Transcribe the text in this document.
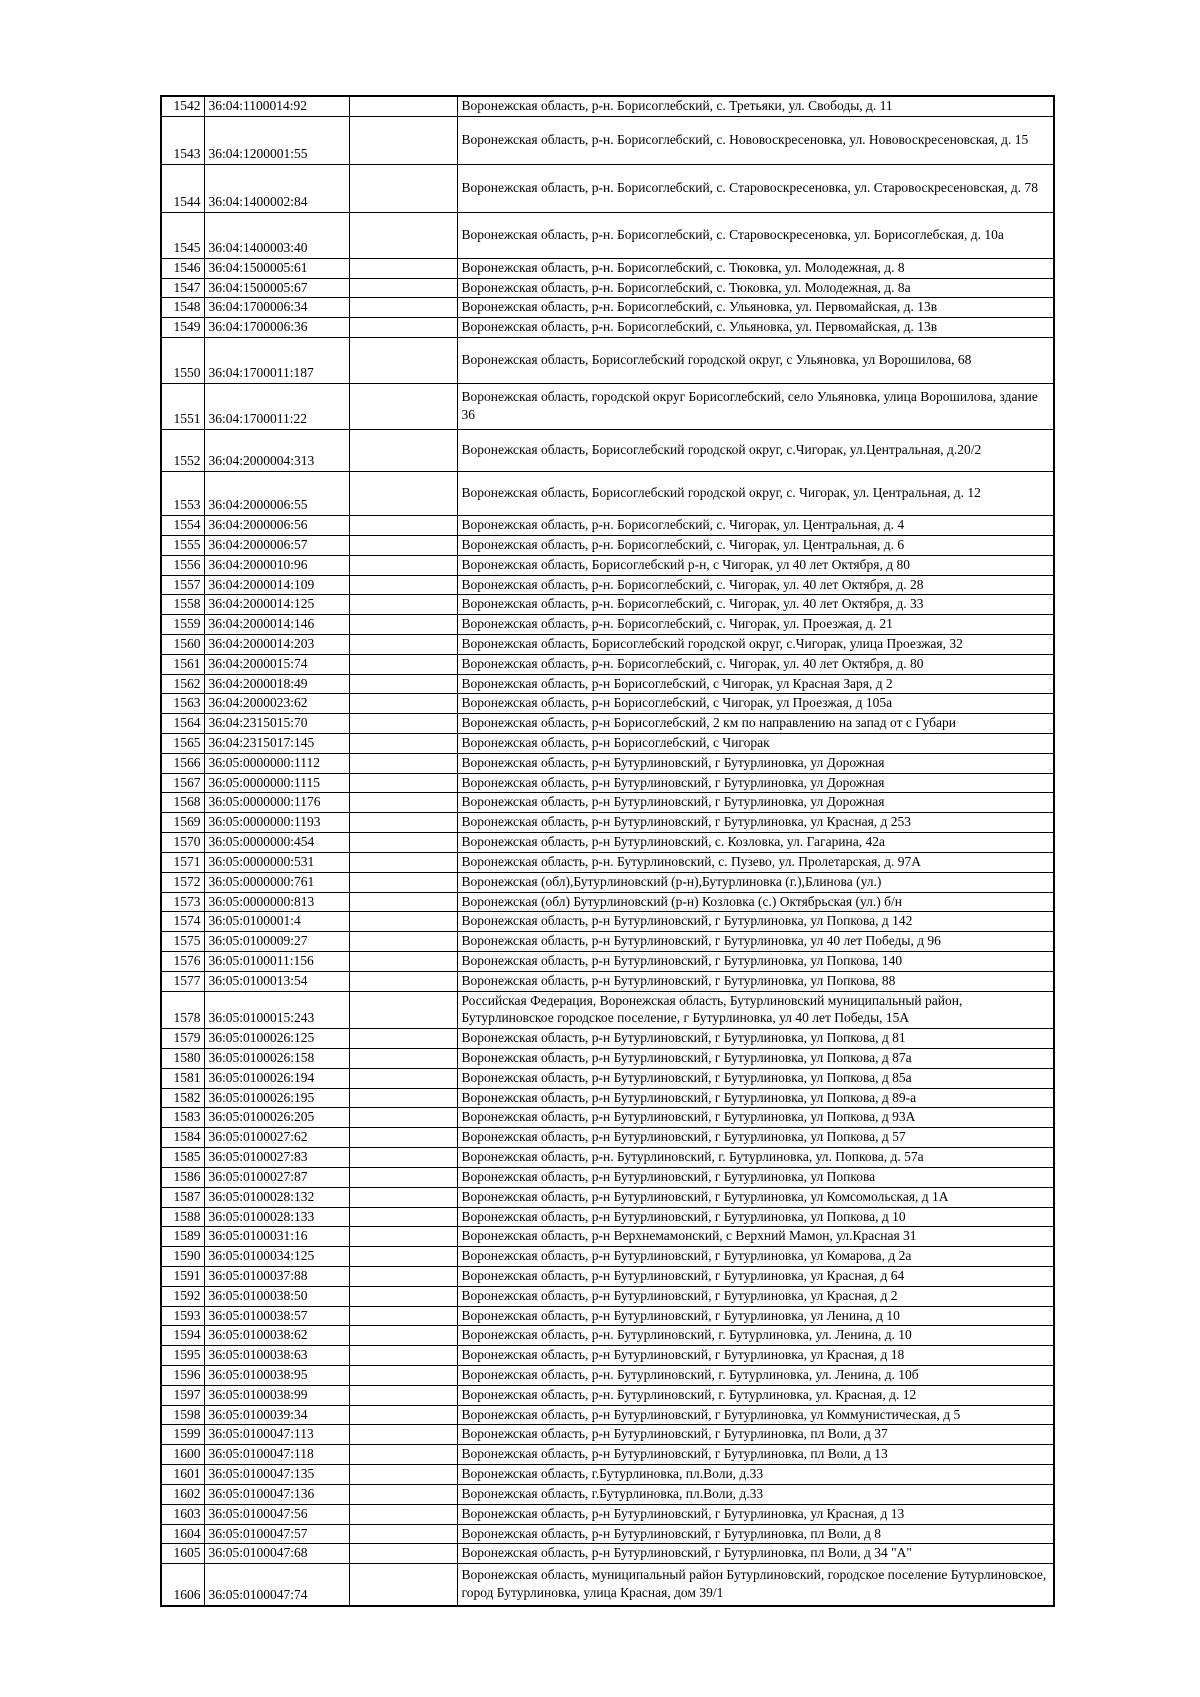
1542	36:04:1100014:92		Воронежская область, р-н. Борисоглебский, с. Третьяки, ул. Свободы, д. 11
1543	36:04:1200001:55		Воронежская область, р-н. Борисоглебский, с. Нововоскресеновка, ул. Нововоскресеновская, д. 15
1544	36:04:1400002:84		Воронежская область, р-н. Борисоглебский, с. Старовоскресеновка, ул. Старовоскресеновская, д. 78
1545	36:04:1400003:40		Воронежская область, р-н. Борисоглебский, с. Старовоскресеновка, ул. Борисоглебская, д. 10а
1546	36:04:1500005:61		Воронежская область, р-н. Борисоглебский, с. Тюковка, ул. Молодежная, д. 8
1547	36:04:1500005:67		Воронежская область, р-н. Борисоглебский, с. Тюковка, ул. Молодежная, д. 8а
1548	36:04:1700006:34		Воронежская область, р-н. Борисоглебский, с. Ульяновка, ул. Первомайская, д. 13в
1549	36:04:1700006:36		Воронежская область, р-н. Борисоглебский, с. Ульяновка, ул. Первомайская, д. 13в
1550	36:04:1700011:187		Воронежская область, Борисоглебский городской округ, с Ульяновка, ул Ворошилова, 68
1551	36:04:1700011:22		Воронежская область, городской округ Борисоглебский, село Ульяновка, улица Ворошилова, здание 36
1552	36:04:2000004:313		Воронежская область, Борисоглебский городской округ, с.Чигорак, ул.Центральная, д.20/2
1553	36:04:2000006:55		Воронежская область, Борисоглебский городской округ, с. Чигорак, ул. Центральная, д. 12
1554	36:04:2000006:56		Воронежская область, р-н. Борисоглебский, с. Чигорак, ул. Центральная, д. 4
1555	36:04:2000006:57		Воронежская область, р-н. Борисоглебский, с. Чигорак, ул. Центральная, д. 6
1556	36:04:2000010:96		Воронежская область, Борисоглебский р-н, с Чигорак, ул 40 лет Октября, д 80
1557	36:04:2000014:109		Воронежская область, р-н. Борисоглебский, с. Чигорак, ул. 40 лет Октября, д. 28
1558	36:04:2000014:125		Воронежская область, р-н. Борисоглебский, с. Чигорак, ул. 40 лет Октября, д. 33
1559	36:04:2000014:146		Воронежская область, р-н. Борисоглебский, с. Чигорак, ул. Проезжая, д. 21
1560	36:04:2000014:203		Воронежская область, Борисоглебский городской округ, с.Чигорак, улица Проезжая, 32
1561	36:04:2000015:74		Воронежская область, р-н. Борисоглебский, с. Чигорак, ул. 40 лет Октября, д. 80
1562	36:04:2000018:49		Воронежская область, р-н Борисоглебский, с Чигорак, ул Красная Заря, д 2
1563	36:04:2000023:62		Воронежская область, р-н Борисоглебский, с Чигорак, ул Проезжая, д 105а
1564	36:04:2315015:70		Воронежская область, р-н Борисоглебский, 2 км по направлению на запад от с Губари
1565	36:04:2315017:145		Воронежская область, р-н Борисоглебский, с Чигорак
1566	36:05:0000000:1112		Воронежская область, р-н Бутурлиновский, г Бутурлиновка, ул Дорожная
1567	36:05:0000000:1115		Воронежская область, р-н Бутурлиновский, г Бутурлиновка, ул Дорожная
1568	36:05:0000000:1176		Воронежская область, р-н Бутурлиновский, г Бутурлиновка, ул Дорожная
1569	36:05:0000000:1193		Воронежская область, р-н Бутурлиновский, г Бутурлиновка, ул Красная, д 253
1570	36:05:0000000:454		Воронежская область, р-н Бутурлиновский, с. Козловка, ул. Гагарина, 42а
1571	36:05:0000000:531		Воронежская область, р-н. Бутурлиновский, с. Пузево, ул. Пролетарская, д. 97А
1572	36:05:0000000:761		Воронежская (обл),Бутурлиновский (р-н),Бутурлиновка (г.),Блинова (ул.)
1573	36:05:0000000:813		Воронежская (обл) Бутурлиновский (р-н) Козловка (с.) Октябрьская (ул.) б/н
1574	36:05:0100001:4		Воронежская область, р-н Бутурлиновский, г Бутурлиновка, ул Попкова, д 142
1575	36:05:0100009:27		Воронежская область, р-н Бутурлиновский, г Бутурлиновка, ул 40 лет Победы, д 96
1576	36:05:0100011:156		Воронежская область, р-н Бутурлиновский, г Бутурлиновка, ул Попкова, 140
1577	36:05:0100013:54		Воронежская область, р-н Бутурлиновский, г Бутурлиновка, ул Попкова, 88
1578	36:05:0100015:243		Российская Федерация, Воронежская область, Бутурлиновский муниципальный район, Бутурлиновское городское поселение, г Бутурлиновка, ул 40 лет Победы, 15А
1579	36:05:0100026:125		Воронежская область, р-н Бутурлиновский, г Бутурлиновка, ул Попкова, д 81
1580	36:05:0100026:158		Воронежская область, р-н Бутурлиновский, г Бутурлиновка, ул Попкова, д 87а
1581	36:05:0100026:194		Воронежская область, р-н Бутурлиновский, г Бутурлиновка, ул Попкова, д 85а
1582	36:05:0100026:195		Воронежская область, р-н Бутурлиновский, г Бутурлиновка, ул Попкова, д 89-а
1583	36:05:0100026:205		Воронежская область, р-н Бутурлиновский, г Бутурлиновка, ул Попкова, д 93А
1584	36:05:0100027:62		Воронежская область, р-н Бутурлиновский, г Бутурлиновка, ул Попкова, д 57
1585	36:05:0100027:83		Воронежская область, р-н. Бутурлиновский, г. Бутурлиновка, ул. Попкова, д. 57а
1586	36:05:0100027:87		Воронежская область, р-н Бутурлиновский, г Бутурлиновка, ул Попкова
1587	36:05:0100028:132		Воронежская область, р-н Бутурлиновский, г Бутурлиновка, ул Комсомольская, д 1А
1588	36:05:0100028:133		Воронежская область, р-н Бутурлиновский, г Бутурлиновка, ул Попкова, д 10
1589	36:05:0100031:16		Воронежская область, р-н Верхнемамонский, с Верхний Мамон, ул.Красная 31
1590	36:05:0100034:125		Воронежская область, р-н Бутурлиновский, г Бутурлиновка, ул Комарова, д 2а
1591	36:05:0100037:88		Воронежская область, р-н Бутурлиновский, г Бутурлиновка, ул Красная, д 64
1592	36:05:0100038:50		Воронежская область, р-н Бутурлиновский, г Бутурлиновка, ул Красная, д 2
1593	36:05:0100038:57		Воронежская область, р-н Бутурлиновский, г Бутурлиновка, ул Ленина, д 10
1594	36:05:0100038:62		Воронежская область, р-н. Бутурлиновский, г. Бутурлиновка, ул. Ленина, д. 10
1595	36:05:0100038:63		Воронежская область, р-н Бутурлиновский, г Бутурлиновка, ул Красная, д 18
1596	36:05:0100038:95		Воронежская область, р-н. Бутурлиновский, г. Бутурлиновка, ул. Ленина, д. 10б
1597	36:05:0100038:99		Воронежская область, р-н. Бутурлиновский, г. Бутурлиновка, ул. Красная, д. 12
1598	36:05:0100039:34		Воронежская область, р-н Бутурлиновский, г Бутурлиновка, ул Коммунистическая, д 5
1599	36:05:0100047:113		Воронежская область, р-н Бутурлиновский, г Бутурлиновка, пл Воли, д 37
1600	36:05:0100047:118		Воронежская область, р-н Бутурлиновский, г Бутурлиновка, пл Воли, д 13
1601	36:05:0100047:135		Воронежская область, г.Бутурлиновка, пл.Воли, д.33
1602	36:05:0100047:136		Воронежская область, г.Бутурлиновка, пл.Воли, д.33
1603	36:05:0100047:56		Воронежская область, р-н Бутурлиновский, г Бутурлиновка, ул Красная, д 13
1604	36:05:0100047:57		Воронежская область, р-н Бутурлиновский, г Бутурлиновка, пл Воли, д 8
1605	36:05:0100047:68		Воронежская область, р-н Бутурлиновский, г Бутурлиновка, пл Воли, д 34 "А"
1606	36:05:0100047:74		Воронежская область, муниципальный район Бутурлиновский, городское поселение Бутурлиновское, город Бутурлиновка, улица Красная, дом 39/1
